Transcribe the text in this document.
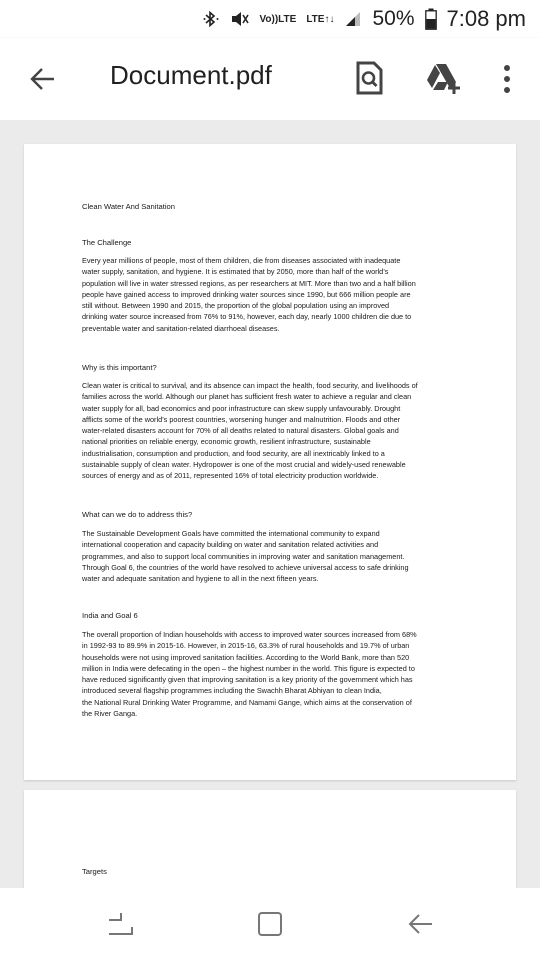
Vo)) LTE LTE ↑↓ 50% 7:08 pm
Document.pdf
Clean Water And Sanitation
The Challenge
Every year millions of people, most of them children, die from diseases associated with inadequate
water supply, sanitation, and hygiene. It is estimated that by 2050, more than half of the world’s
population will live in water stressed regions, as per researchers at MIT. More than two and a half billion
people have gained access to improved drinking water sources since 1990, but 666 million people are
still without. Between 1990 and 2015, the proportion of the global population using an improved
drinking water source increased from 76% to 91%, however, each day, nearly 1000 children die due to
preventable water and sanitation-related diarrhoeal diseases.
Why is this important?
Clean water is critical to survival, and its absence can impact the health, food security, and livelihoods of
families across the world. Although our planet has sufficient fresh water to achieve a regular and clean
water supply for all, bad economics and poor infrastructure can skew supply unfavourably. Drought
afflicts some of the world’s poorest countries, worsening hunger and malnutrition. Floods and other
water-related disasters account for 70% of all deaths related to natural disasters. Global goals and
national priorities on reliable energy, economic growth, resilient infrastructure, sustainable
industrialisation, consumption and production, and food security, are all inextricably linked to a
sustainable supply of clean water. Hydropower is one of the most crucial and widely-used renewable
sources of energy and as of 2011, represented 16% of total electricity production worldwide.
What can we do to address this?
The Sustainable Development Goals have committed the international community to expand
international cooperation and capacity building on water and sanitation related activities and
programmes, and also to support local communities in improving water and sanitation management.
Through Goal 6, the countries of the world have resolved to achieve universal access to safe drinking
water and adequate sanitation and hygiene to all in the next fifteen years.
India and Goal 6
The overall proportion of Indian households with access to improved water sources increased from 68%
in 1992-93 to 89.9% in 2015-16. However, in 2015-16, 63.3% of rural households and 19.7% of urban
households were not using improved sanitation facilities. According to the World Bank, more than 520
million in India were defecating in the open – the highest number in the world. This figure is expected to
have reduced significantly given that improving sanitation is a key priority of the government which has
introduced several flagship programmes including the Swachh Bharat Abhiyan to clean India,
the National Rural Drinking Water Programme, and Namami Gange, which aims at the conservation of
the River Ganga.
Targets
